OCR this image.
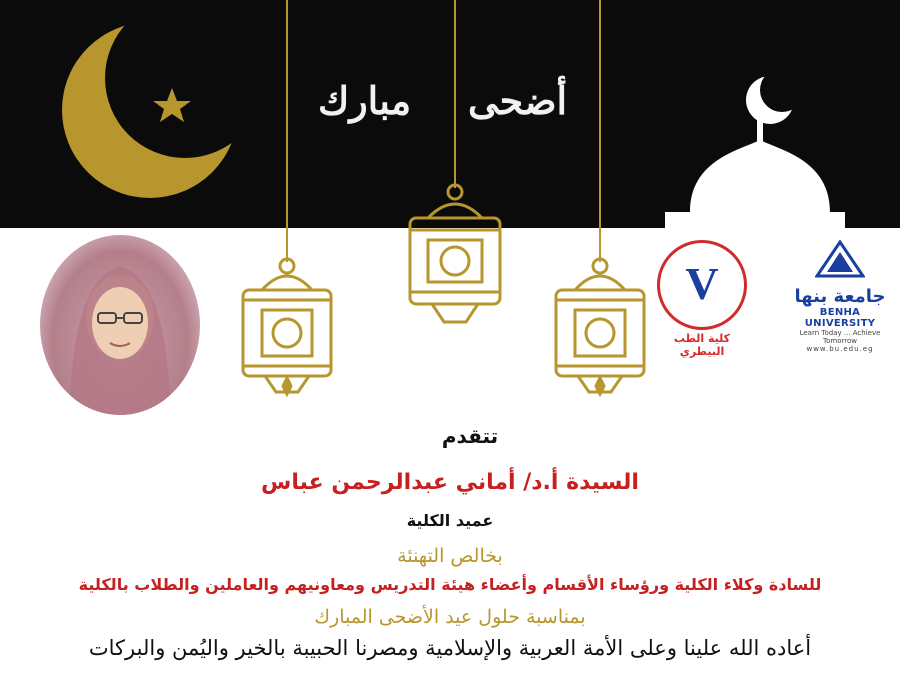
أضحى
مبارك
V
كلية الطب البيطري
جامعة بنها
BENHA UNIVERSITY
Learn Today ... Achieve Tomorrow
www.bu.edu.eg
تتقدم
السيدة أ.د/ أماني عبدالرحمن عباس
عميد الكلية
بخالص التهنئة
للسادة وكلاء الكلية ورؤساء الأقسام وأعضاء هيئة التدريس ومعاونيهم والعاملين والطلاب بالكلية
بمناسبة حلول عيد الأضحى المبارك
أعاده الله علينا وعلى الأمة العربية والإسلامية ومصرنا الحبيبة بالخير واليُمن والبركات
